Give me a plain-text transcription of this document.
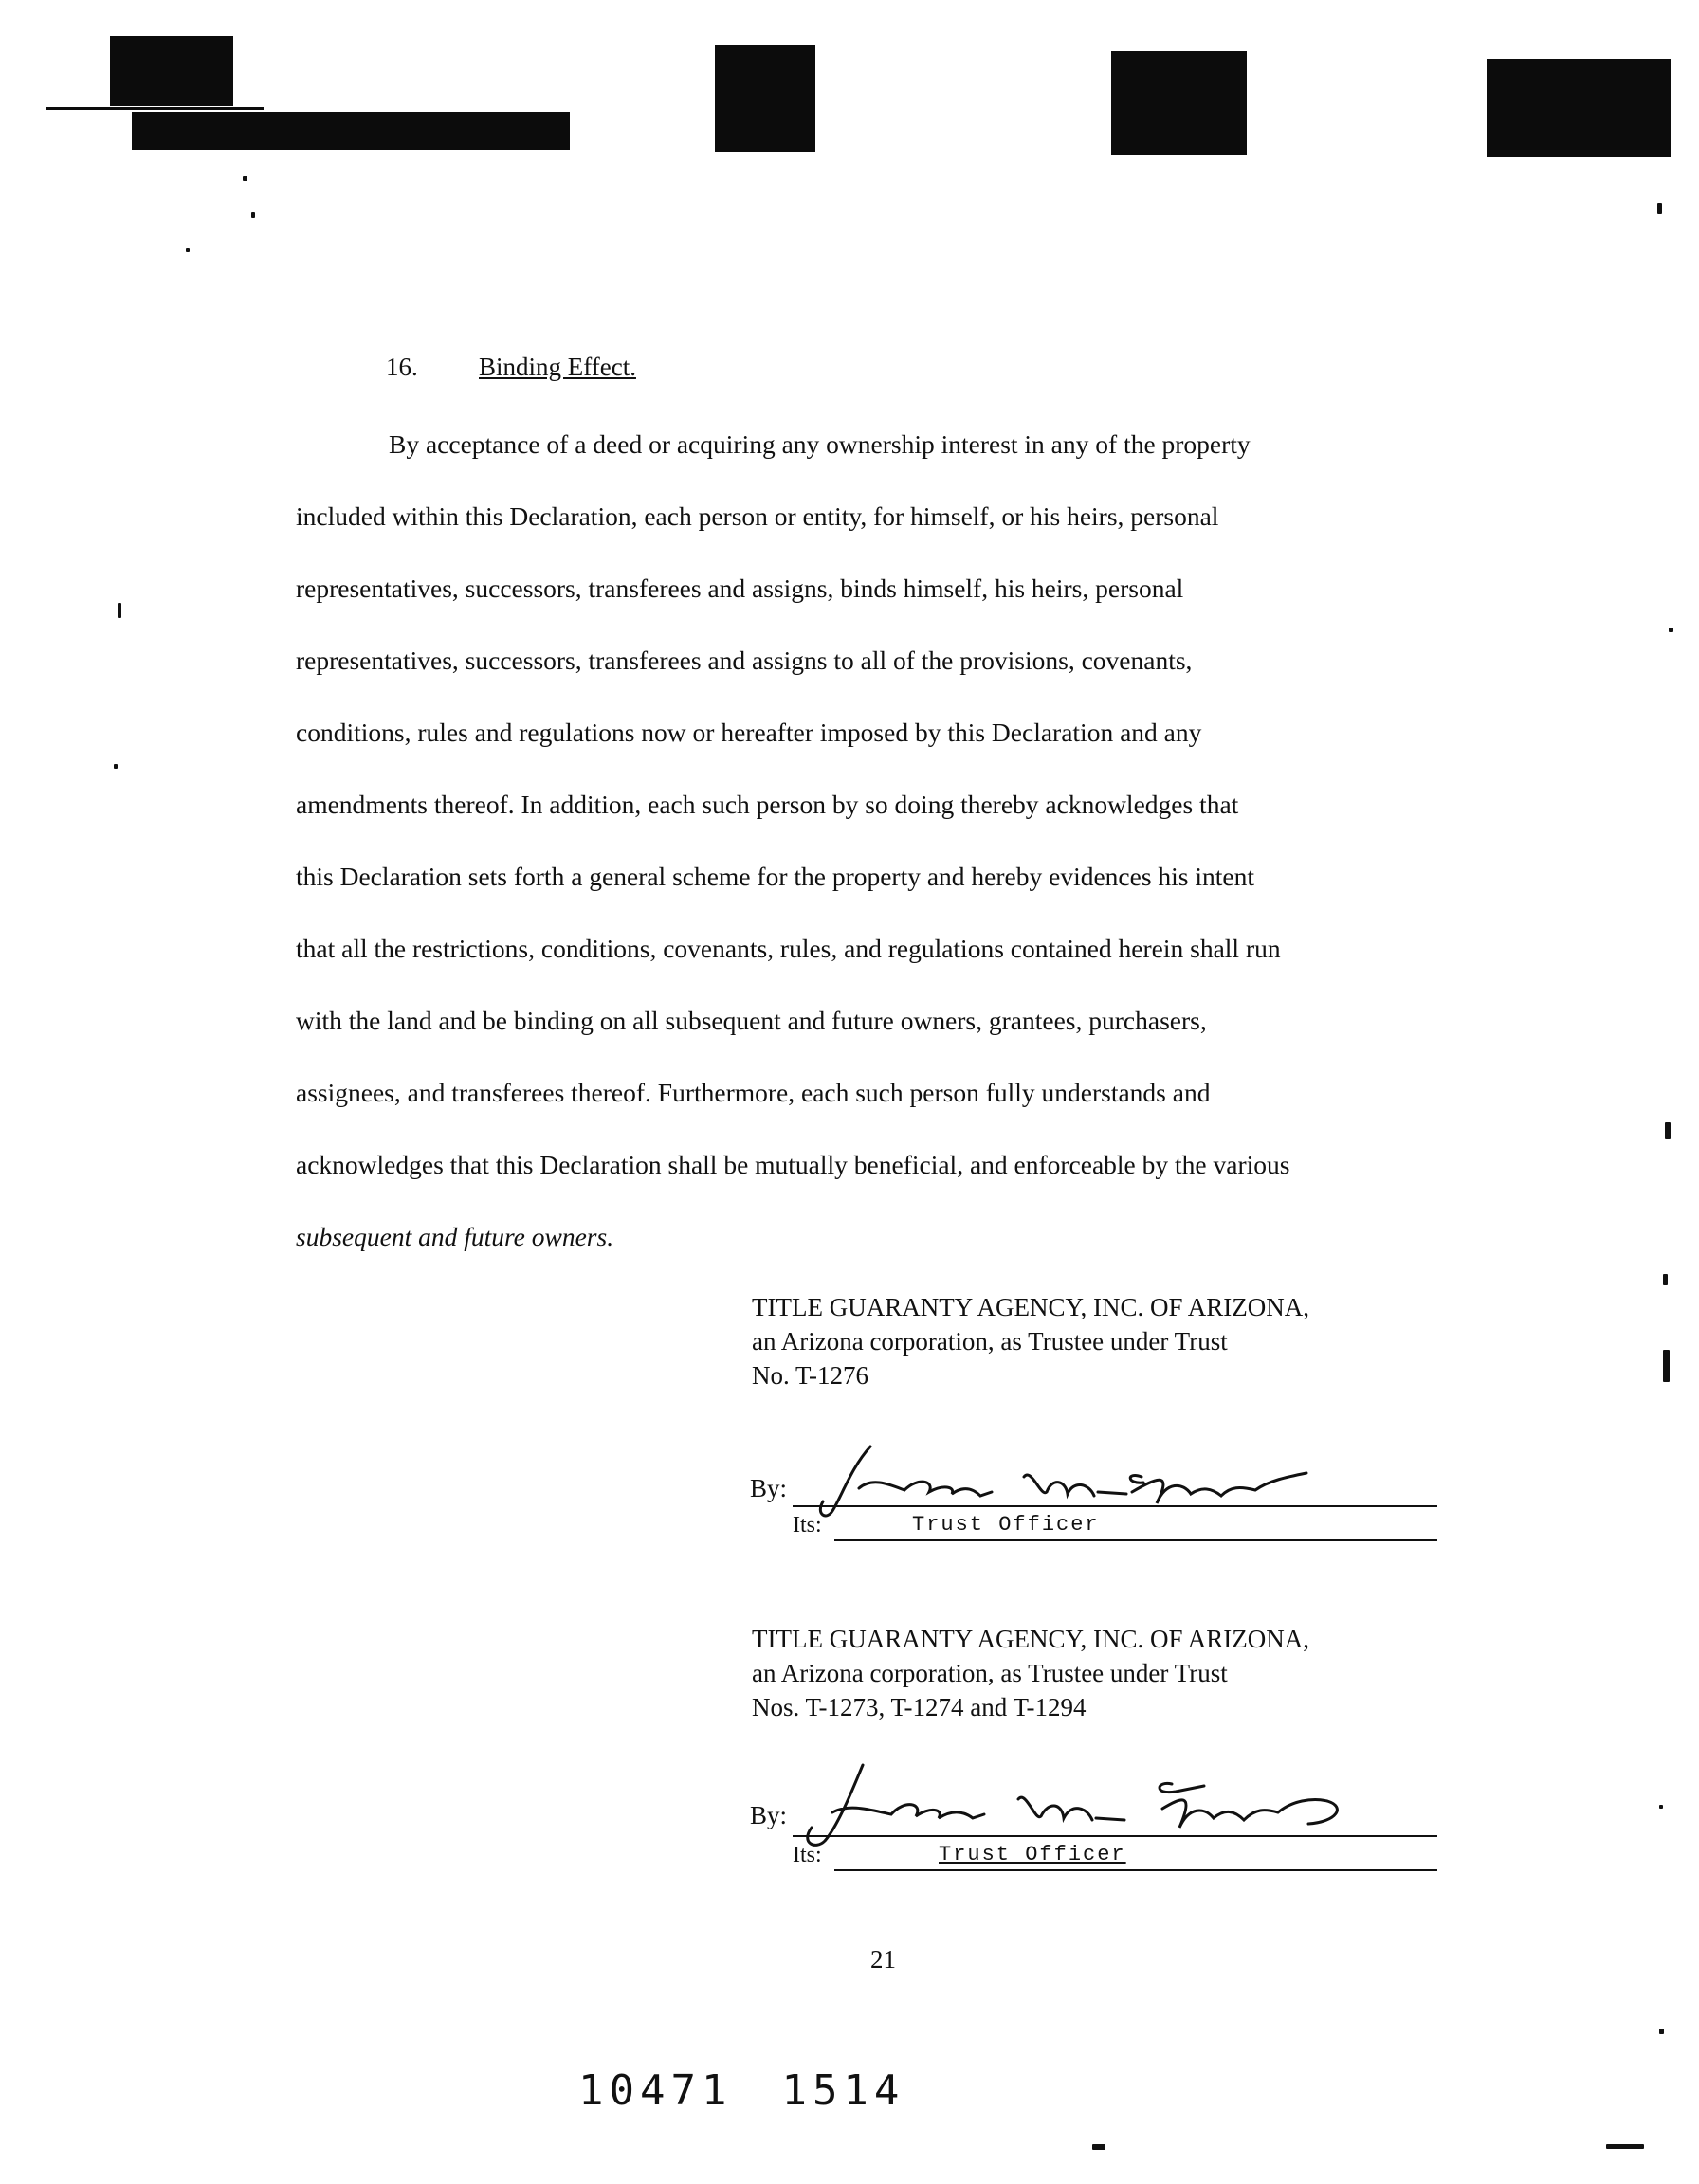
16. Binding Effect.
By acceptance of a deed or acquiring any ownership interest in any of the property
included within this Declaration, each person or entity, for himself, or his heirs, personal
representatives, successors, transferees and assigns, binds himself, his heirs, personal
representatives, successors, transferees and assigns to all of the provisions, covenants,
conditions, rules and regulations now or hereafter imposed by this Declaration and any
amendments thereof. In addition, each such person by so doing thereby acknowledges that
this Declaration sets forth a general scheme for the property and hereby evidences his intent
that all the restrictions, conditions, covenants, rules, and regulations contained herein shall run
with the land and be binding on all subsequent and future owners, grantees, purchasers,
assignees, and transferees thereof. Furthermore, each such person fully understands and
acknowledges that this Declaration shall be mutually beneficial, and enforceable by the various
subsequent and future owners.
TITLE GUARANTY AGENCY, INC. OF ARIZONA,
an Arizona corporation, as Trustee under Trust
No. T-1276
By:
Its:	Trust Officer
TITLE GUARANTY AGENCY, INC. OF ARIZONA,
an Arizona corporation, as Trustee under Trust
Nos. T-1273, T-1274 and T-1294
By:
Its:	Trust Officer
21
10471 1514
